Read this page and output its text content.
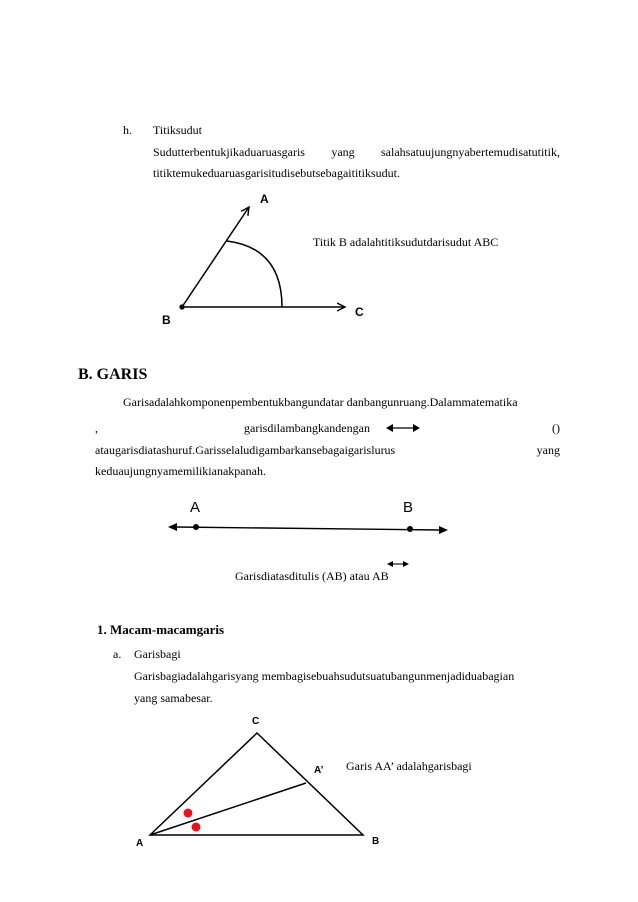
h. Titiksudut
Sudutterbentukjikaduaruasgaris yang salahsatuujungnyabertemudisatutitik,
titiktemukeduaruasgarisitudisebutsebagaititiksudut.
A
B
C
Titik B adalahtitiksudutdarisudut ABC
B. GARIS
Garisadalahkomponenpembentukbangundatar danbangunruang.Dalammatematika
,	garisdilambangkandengan	()
ataugarisdiatashuruf.Garisselaludigambarkansebagaigarislurus	yang
keduaujungnyamemilikianakpanah.
A	B
Garisdiatasditulis (AB) atau AB
1. Macam-macamgaris
a. Garisbagi
Garisbagiadalahgarisyang membagisebuahsudutsuatubangunmenjadiduabagian
yang samabesar.
C
A’
A	B
Garis AA’ adalahgarisbagi
